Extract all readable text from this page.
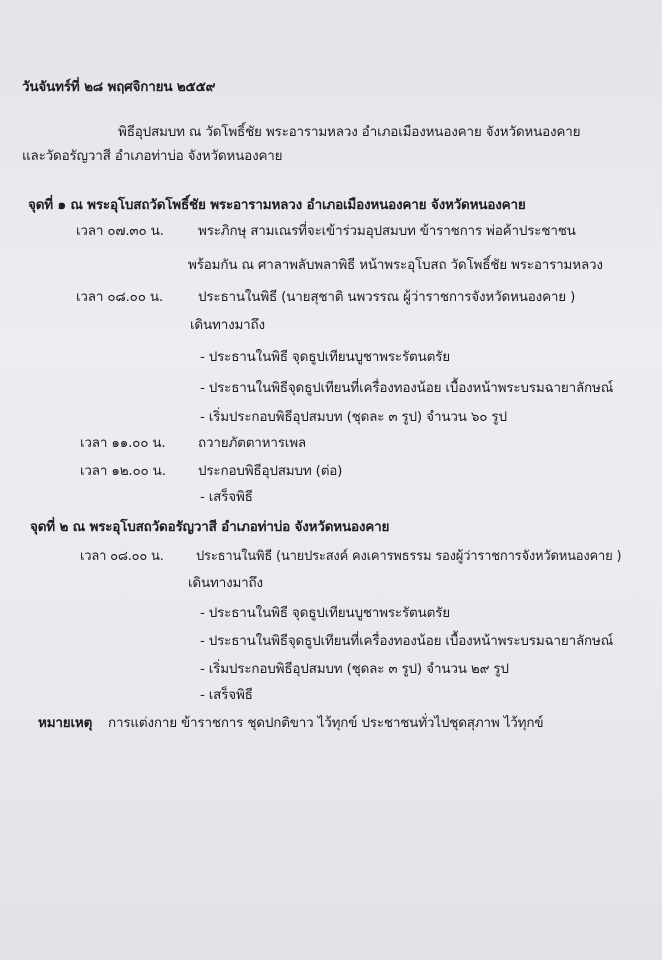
วันจันทร์ที่ ๒๘ พฤศจิกายน ๒๕๕๙
พิธีอุปสมบท ณ วัดโพธิ์ชัย พระอารามหลวง อำเภอเมืองหนองคาย จังหวัดหนองคาย
และวัดอรัญวาสี อำเภอท่าบ่อ จังหวัดหนองคาย
จุดที่ ๑ ณ พระอุโบสถวัดโพธิ์ชัย พระอารามหลวง อำเภอเมืองหนองคาย จังหวัดหนองคาย
เวลา ๐๗.๓๐ น.	พระภิกษุ สามเณรที่จะเข้าร่วมอุปสมบท ข้าราชการ พ่อค้าประชาชน
พร้อมกัน ณ ศาลาพลับพลาพิธี หน้าพระอุโบสถ วัดโพธิ์ชัย พระอารามหลวง
เวลา ๐๘.๐๐ น.	ประธานในพิธี (นายสุชาติ นพวรรณ ผู้ว่าราชการจังหวัดหนองคาย )
เดินทางมาถึง
- ประธานในพิธี จุดธูปเทียนบูชาพระรัตนตรัย
- ประธานในพิธีจุดธูปเทียนที่เครื่องทองน้อย เบื้องหน้าพระบรมฉายาลักษณ์
- เริ่มประกอบพิธีอุปสมบท (ชุดละ ๓ รูป) จำนวน ๖๐ รูป
เวลา ๑๑.๐๐ น. ถวายภัตตาหารเพล
เวลา ๑๒.๐๐ น. ประกอบพิธีอุปสมบท (ต่อ)
- เสร็จพิธี
จุดที่ ๒ ณ พระอุโบสถวัดอรัญวาสี อำเภอท่าบ่อ จังหวัดหนองคาย
เวลา ๐๘.๐๐ น. ประธานในพิธี (นายประสงค์ คงเคารพธรรม รองผู้ว่าราชการจังหวัดหนองคาย )
เดินทางมาถึง
- ประธานในพิธี จุดธูปเทียนบูชาพระรัตนตรัย
- ประธานในพิธีจุดธูปเทียนที่เครื่องทองน้อย เบื้องหน้าพระบรมฉายาลักษณ์
- เริ่มประกอบพิธีอุปสมบท (ชุดละ ๓ รูป) จำนวน ๒๙ รูป
- เสร็จพิธี
หมายเหตุ การแต่งกาย ข้าราชการ ชุดปกติขาว ไว้ทุกข์ ประชาชนทั่วไปชุดสุภาพ ไว้ทุกข์
